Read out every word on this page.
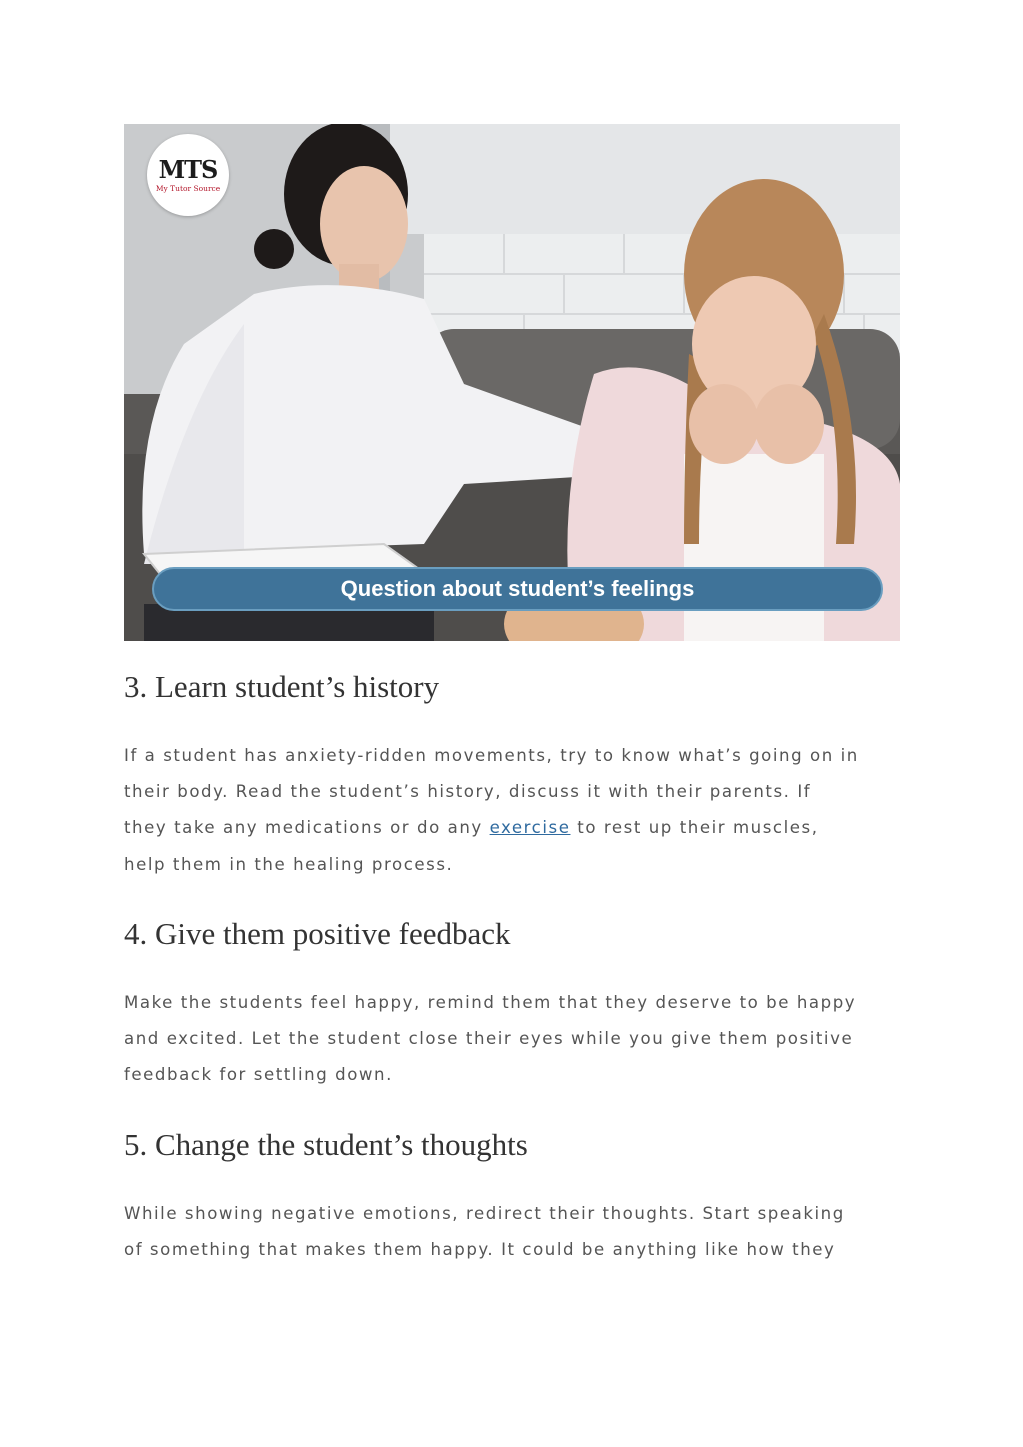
MTS
My Tutor Source
Question about student’s feelings
3. Learn student’s history

If a student has anxiety-ridden movements, try to know what’s going on in
their body. Read the student’s history, discuss it with their parents. If
they take any medications or do any exercise to rest up their muscles,
help them in the healing process.

4. Give them positive feedback

Make the students feel happy, remind them that they deserve to be happy
and excited. Let the student close their eyes while you give them positive
feedback for settling down.

5. Change the student’s thoughts

While showing negative emotions, redirect their thoughts. Start speaking
of something that makes them happy. It could be anything like how they
